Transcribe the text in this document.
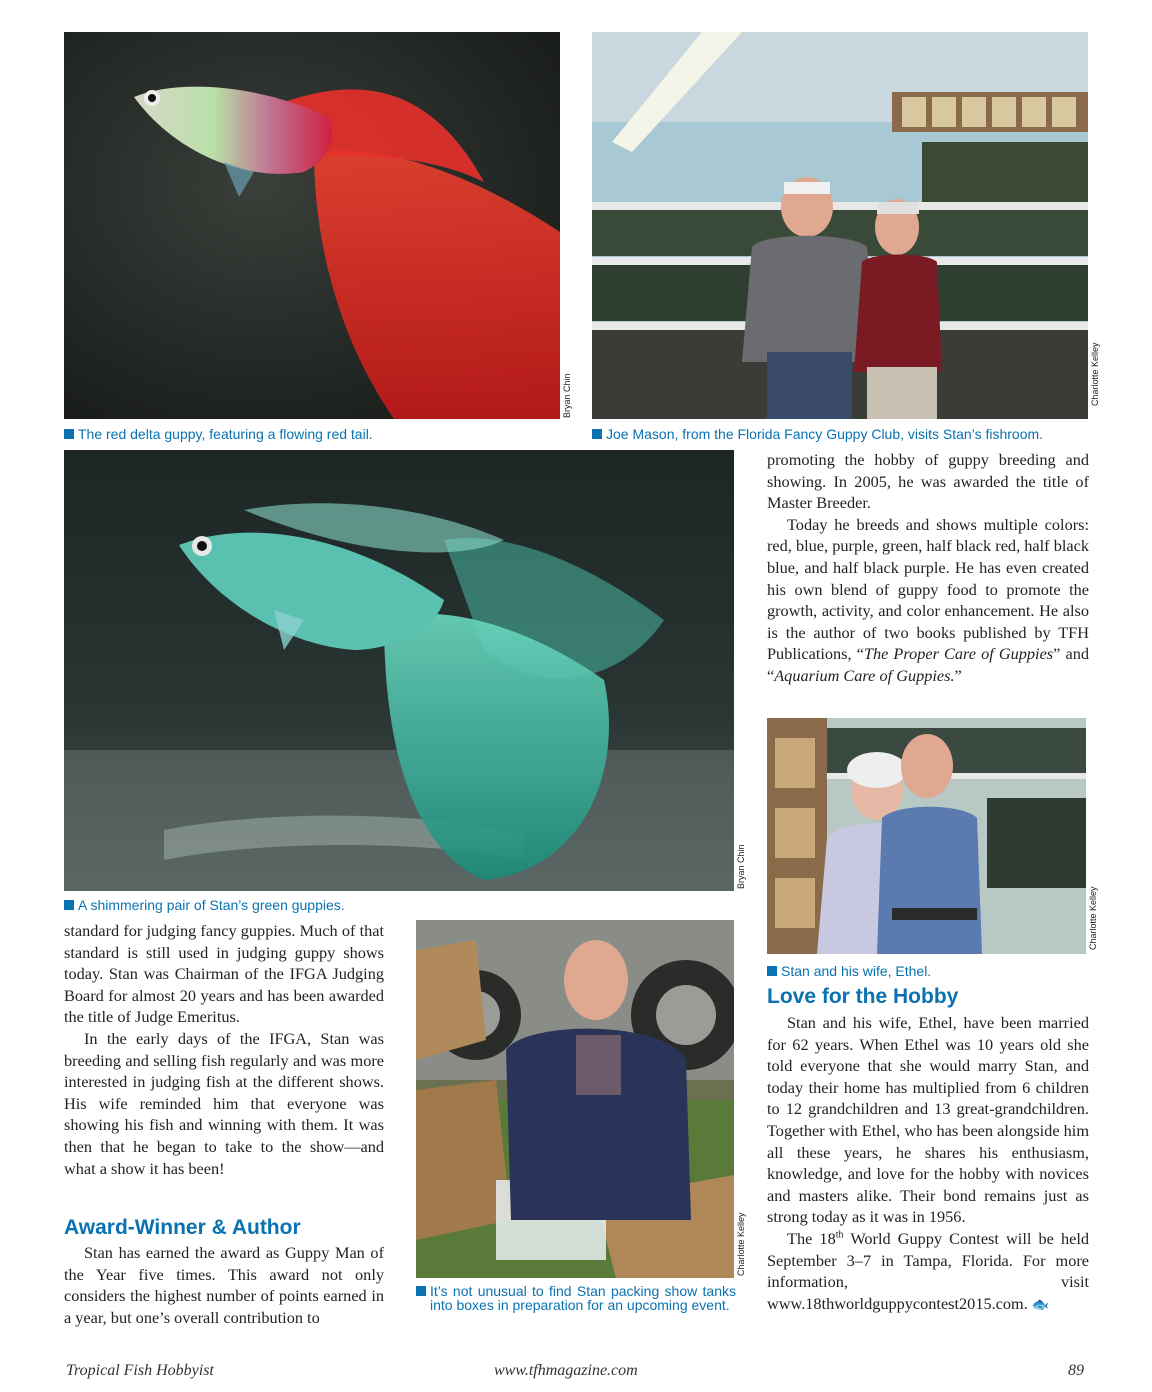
Bryan Chin	Charlotte Kelley
The red delta guppy, featuring a flowing red tail.	Joe Mason, from the Florida Fancy Guppy Club, visits Stan’s fishroom.
Bryan Chin
A shimmering pair of Stan’s green guppies.

promoting the hobby of guppy breeding and showing. In 2005, he was awarded the title of Master Breeder.

Today he breeds and shows multiple colors: red, blue, purple, green, half black red, half black blue, and half black purple. He has even created his own blend of guppy food to promote the growth, activity, and color enhancement. He also is the author of two books published by TFH Publications, “The Proper Care of Guppies” and “Aquarium Care of Guppies.”

Charlotte Kelley
Stan and his wife, Ethel.
Love for the Hobby

Stan and his wife, Ethel, have been married for 62 years. When Ethel was 10 years old she told everyone that she would marry Stan, and today their home has multiplied from 6 children to 12 grandchildren and 13 great-grandchildren. Together with Ethel, who has been alongside him all these years, he shares his enthusiasm, knowledge, and love for the hobby with novices and masters alike. Their bond remains just as strong today as it was in 1956.

The 18th World Guppy Contest will be held September 3–7 in Tampa, Florida. For more information, visit www.18thworldguppycontest2015.com. 🐟

standard for judging fancy guppies. Much of that standard is still used in judging guppy shows today. Stan was Chairman of the IFGA Judging Board for almost 20 years and has been awarded the title of Judge Emeritus.

In the early days of the IFGA, Stan was breeding and selling fish regularly and was more interested in judging fish at the different shows. His wife reminded him that everyone was showing his fish and winning with them. It was then that he began to take to the show—and what a show it has been!

Award-Winner & Author

Stan has earned the award as Guppy Man of the Year five times. This award not only considers the highest number of points earned in a year, but one’s overall contribution to

Charlotte Kelley
It’s not unusual to find Stan packing show tanks into boxes in preparation for an upcoming event.
Tropical Fish Hobbyist	www.tfhmagazine.com	89
